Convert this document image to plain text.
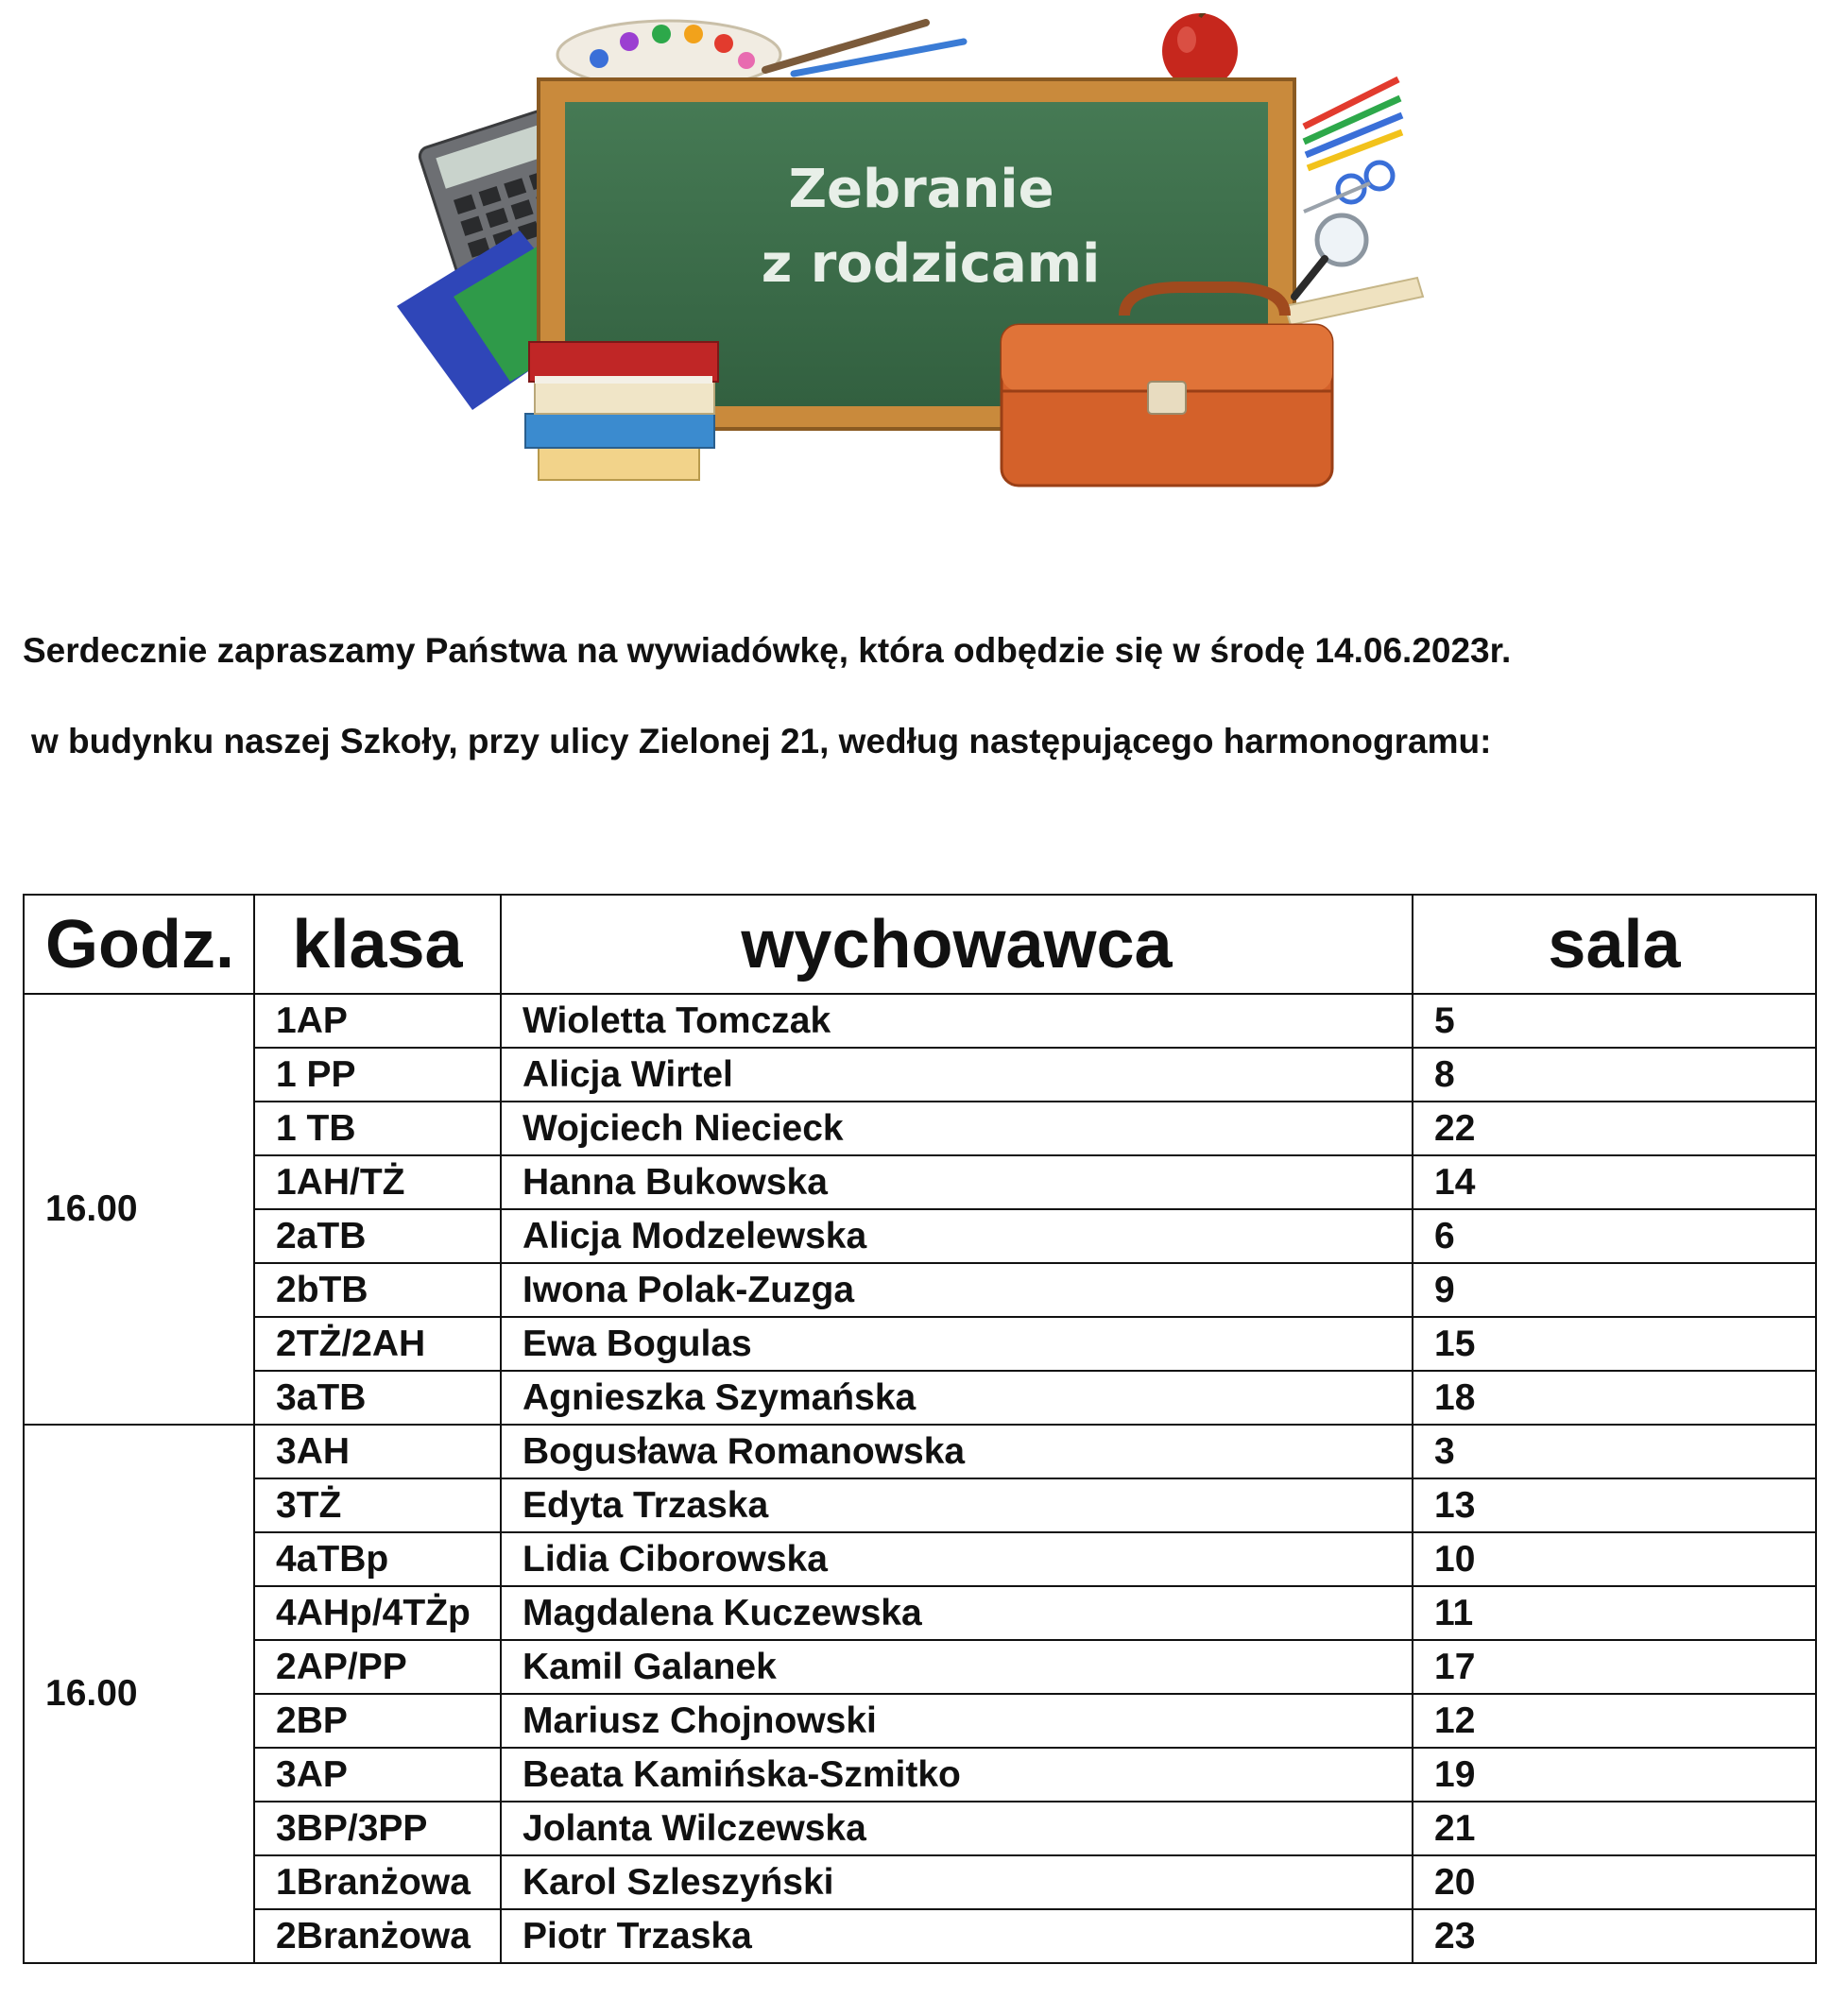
Zebranie
z rodzicami
Serdecznie zapraszamy Państwa na wywiadówkę, która odbędzie się w środę 14.06.2023r.
w budynku naszej Szkoły, przy ulicy Zielonej 21, według następującego harmonogramu:
Godz.	klasa	wychowawca	sala
16.00	1AP	Wioletta Tomczak	5
	1 PP	Alicja Wirtel	8
	1 TB	Wojciech Niecieck	22
	1AH/TŻ	Hanna Bukowska	14
	2aTB	Alicja Modzelewska	6
	2bTB	Iwona Polak-Zuzga	9
	2TŻ/2AH	Ewa Bogulas	15
	3aTB	Agnieszka Szymańska	18
16.00	3AH	Bogusława Romanowska	3
	3TŻ	Edyta Trzaska	13
	4aTBp	Lidia Ciborowska	10
	4AHp/4TŻp	Magdalena Kuczewska	11
	2AP/PP	Kamil Galanek	17
	2BP	Mariusz Chojnowski	12
	3AP	Beata Kamińska-Szmitko	19
	3BP/3PP	Jolanta Wilczewska	21
	1Branżowa	Karol Szleszyński	20
	2Branżowa	Piotr Trzaska	23
